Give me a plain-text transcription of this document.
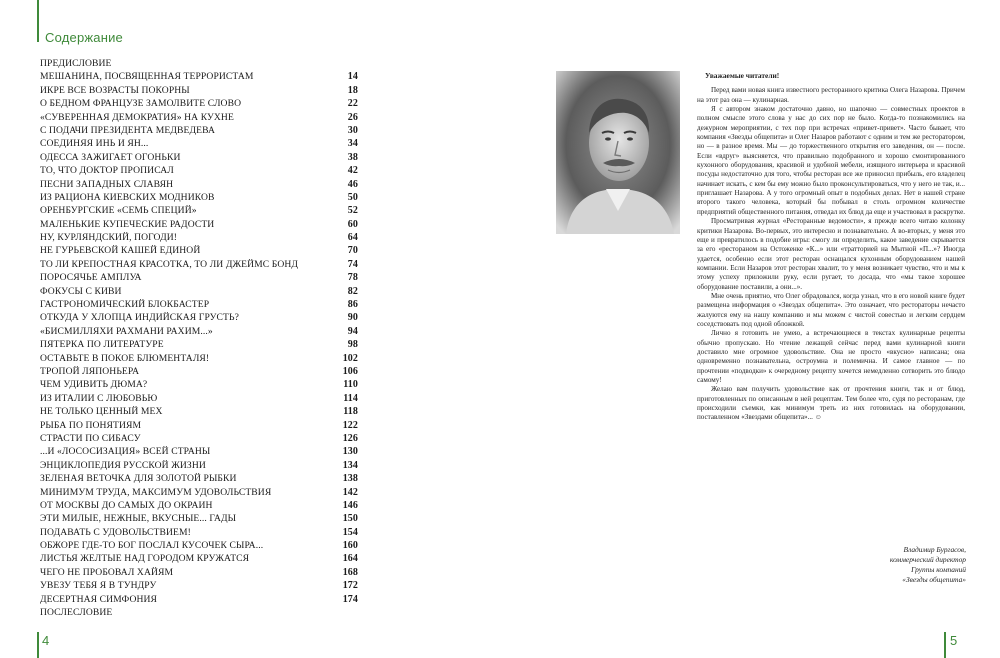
Содержание
ПРЕДИСЛОВИЕ
МЕШАНИНА, ПОСВЯЩЕННАЯ ТЕРРОРИСТАМ	14
ИКРЕ ВСЕ ВОЗРАСТЫ ПОКОРНЫ	18
О БЕДНОМ ФРАНЦУЗЕ ЗАМОЛВИТЕ СЛОВО	22
«СУВЕРЕННАЯ ДЕМОКРАТИЯ» НА КУХНЕ	26
С ПОДАЧИ ПРЕЗИДЕНТА МЕДВЕДЕВА	30
СОЕДИНЯЯ ИНЬ И ЯН...	34
ОДЕССА ЗАЖИГАЕТ ОГОНЬКИ	38
ТО, ЧТО ДОКТОР ПРОПИСАЛ	42
ПЕСНИ ЗАПАДНЫХ СЛАВЯН	46
ИЗ РАЦИОНА КИЕВСКИХ МОДНИКОВ	50
ОРЕНБУРГСКИЕ «СЕМЬ СПЕЦИЙ»	52
МАЛЕНЬКИЕ КУПЕЧЕСКИЕ РАДОСТИ	60
НУ, КУРЛЯНДСКИЙ, ПОГОДИ!	64
НЕ ГУРЬЕВСКОЙ КАШЕЙ ЕДИНОЙ	70
ТО ЛИ КРЕПОСТНАЯ КРАСОТКА, ТО ЛИ ДЖЕЙМС БОНД	74
ПОРОСЯЧЬЕ АМПЛУА	78
ФОКУСЫ С КИВИ	82
ГАСТРОНОМИЧЕСКИЙ БЛОКБАСТЕР	86
ОТКУДА У ХЛОПЦА ИНДИЙСКАЯ ГРУСТЬ?	90
«БИСМИЛЛЯХИ РАХМАНИ РАХИМ...»	94
ПЯТЕРКА ПО ЛИТЕРАТУРЕ	98
ОСТАВЬТЕ В ПОКОЕ БЛЮМЕНТАЛЯ!	102
ТРОПОЙ ЛЯПОНЬЕРА	106
ЧЕМ УДИВИТЬ ДЮМА?	110
ИЗ ИТАЛИИ С ЛЮБОВЬЮ	114
НЕ ТОЛЬКО ЦЕННЫЙ МЕХ	118
РЫБА ПО ПОНЯТИЯМ	122
СТРАСТИ ПО СИБАСУ	126
...И «ЛОСОСИЗАЦИЯ» ВСЕЙ СТРАНЫ	130
ЭНЦИКЛОПЕДИЯ РУССКОЙ ЖИЗНИ	134
ЗЕЛЕНАЯ ВЕТОЧКА ДЛЯ ЗОЛОТОЙ РЫБКИ	138
МИНИМУМ ТРУДА, МАКСИМУМ УДОВОЛЬСТВИЯ	142
ОТ МОСКВЫ ДО САМЫХ ДО ОКРАИН	146
ЭТИ МИЛЫЕ, НЕЖНЫЕ, ВКУСНЫЕ... ГАДЫ	150
ПОДАВАТЬ С УДОВОЛЬСТВИЕМ!	154
ОБЖОРЕ ГДЕ-ТО БОГ ПОСЛАЛ КУСОЧЕК СЫРА...	160
ЛИСТЬЯ ЖЕЛТЫЕ НАД ГОРОДОМ КРУЖАТСЯ	164
ЧЕГО НЕ ПРОБОВАЛ ХАЙЯМ	168
УВЕЗУ ТЕБЯ Я В ТУНДРУ	172
ДЕСЕРТНАЯ СИМФОНИЯ	174
ПОСЛЕСЛОВИЕ
4	5
Уважаемые читатели!

Перед вами новая книга известного ресторанного критика Олега Назарова. Причем на этот раз она — кулинарная.

Я с автором знаком достаточно давно, но шапочно — совместных проектов в полном смысле этого слова у нас до сих пор не было. Когда-то познакомились на дежурном мероприятии, с тех пор при встречах «привет-привет». Часто бывает, что компания «Звезды общепита» и Олег Назаров работают с одним и тем же ресторатором, но — в разное время. Мы — до торжественного открытия его заведения, он — после. Если «вдруг» выясняется, что правильно подобранного и хорошо смонтированного кухонного оборудования, красивой и удобной мебели, изящного интерьера и красивой посуды недостаточно для того, чтобы ресторан все же приносил прибыль, его владелец начинает искать, с кем бы ему можно было проконсультироваться, что у него не так, и... приглашает Назарова. А у того огромный опыт в подобных делах. Нет в нашей стране второго такого человека, который бы побывал в столь огромном количестве предприятий общественного питания, отведал их блюд да еще и участвовал в раскрутке.

Просматривая журнал «Ресторанные ведомости», я прежде всего читаю колонку критики Назарова. Во-первых, это интересно и познавательно. А во-вторых, у меня это еще и превратилось в подобие игры: смогу ли определить, какое заведение скрывается за его «рестораном на Остоженке «К...» или «тратторией на Мытной «П...»? Иногда удается, особенно если этот ресторан оснащался кухонным оборудованием нашей компании. Если Назаров этот ресторан хвалит, то у меня возникает чувство, что и мы к этому успеху приложили руку, если ругает, то досада, что «мы такое хорошее оборудование поставили, а они...».

Мне очень приятно, что Олег обрадовался, когда узнал, что в его новой книге будет размещена информация о «Звездах общепита». Это означает, что рестораторы нечасто жалуются ему на нашу компанию и мы можем с чистой совестью и легким сердцем соседствовать под одной обложкой.

Лично я готовить не умею, а встречающиеся в текстах кулинарные рецепты обычно пропускаю. Но чтение лежащей сейчас перед вами кулинарной книги доставило мне огромное удовольствие. Она не просто «вкусно» написана; она одновременно познавательна, остроумна и полемична. И самое главное — по прочтении «подводки» к очередному рецепту хочется немедленно сотворить это блюдо самому!

Желаю вам получить удовольствие как от прочтения книги, так и от блюд, приготовленных по описанным в ней рецептам. Тем более что, судя по ресторанам, где происходили съемки, как минимум треть из них готовилась на оборудовании, поставленном «Звездами общепита»... ☺

Владимир Бургасов,
коммерческий директор
Группы компаний
«Звезды общепита»
